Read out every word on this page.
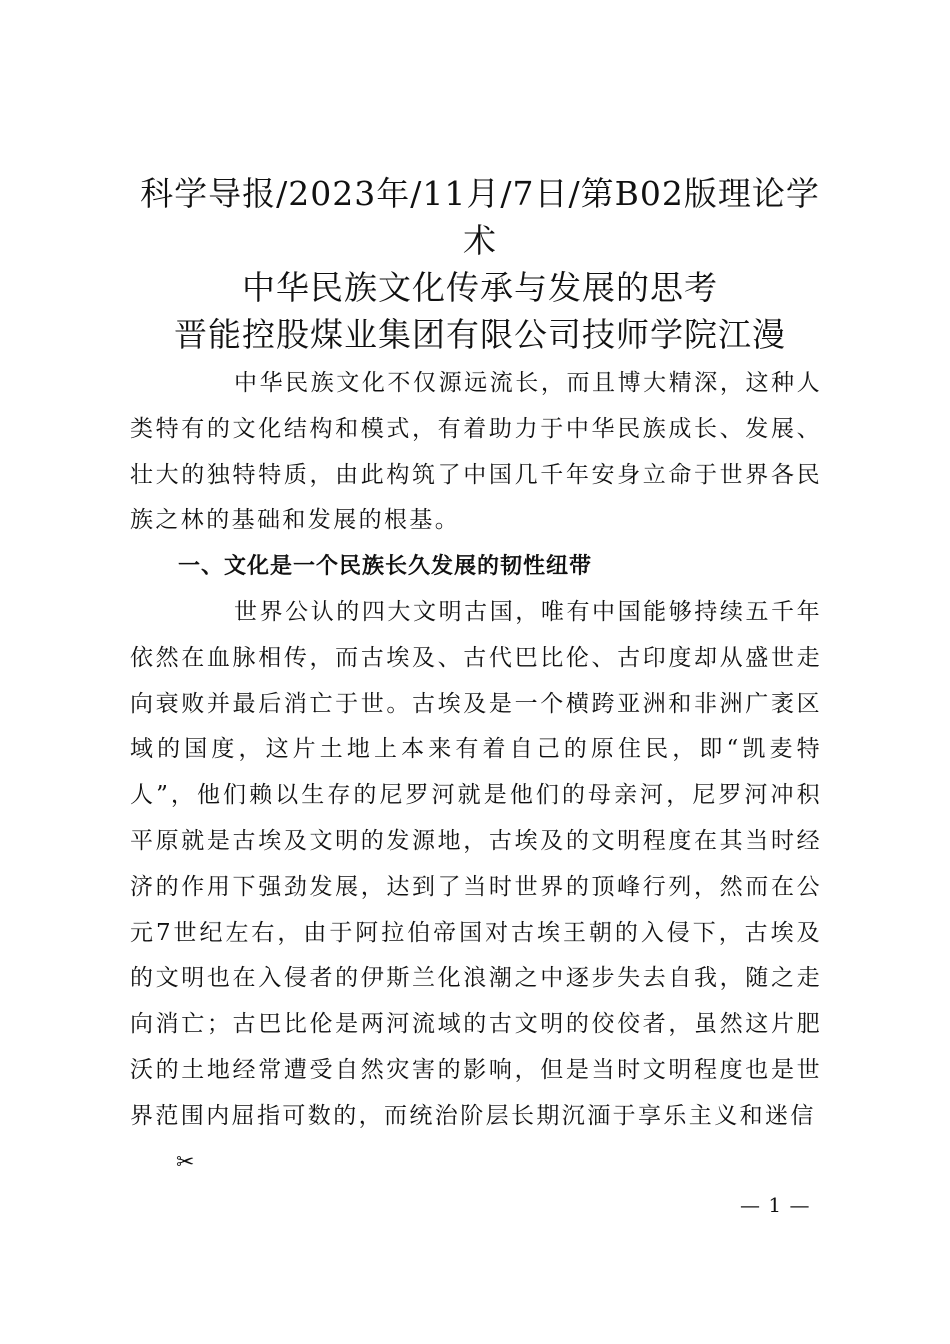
科学导报/2023年/11月/7日/第B02版理论学
术
中华民族文化传承与发展的思考
晋能控股煤业集团有限公司技师学院江漫

中华民族文化不仅源远流长，而且博大精深，这种人类特有的文化结构和模式，有着助力于中华民族成长、发展、壮大的独特特质，由此构筑了中国几千年安身立命于世界各民族之林的基础和发展的根基。

一、文化是一个民族长久发展的韧性纽带

世界公认的四大文明古国，唯有中国能够持续五千年依然在血脉相传，而古埃及、古代巴比伦、古印度却从盛世走向衰败并最后消亡于世。古埃及是一个横跨亚洲和非洲广袤区域的国度，这片土地上本来有着自己的原住民，即“凯麦特人”，他们赖以生存的尼罗河就是他们的母亲河，尼罗河冲积平原就是古埃及文明的发源地，古埃及的文明程度在其当时经济的作用下强劲发展，达到了当时世界的顶峰行列，然而在公元7世纪左右，由于阿拉伯帝国对古埃王朝的入侵下，古埃及的文明也在入侵者的伊斯兰化浪潮之中逐步失去自我，随之走向消亡；古巴比伦是两河流域的古文明的佼佼者，虽然这片肥沃的土地经常遭受自然灾害的影响，但是当时文明程度也是世界范围内屈指可数的，而统治阶层长期沉湎于享乐主义和迷信

✂
— 1 —
